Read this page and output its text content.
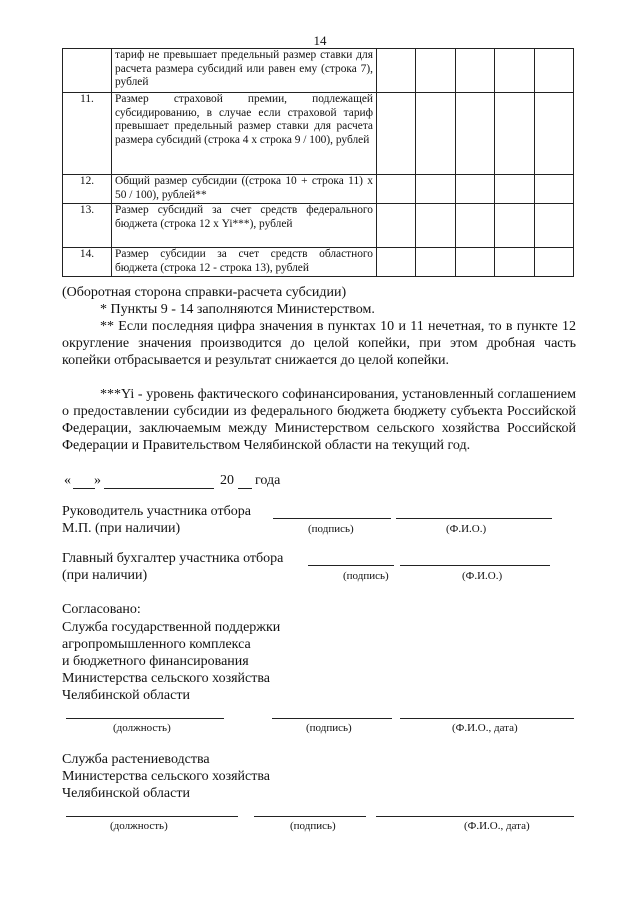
14
	тариф не превышает предельный размер ставки для расчета размера субсидий или равен ему (строка 7), рублей					
11.	Размер страховой премии, подлежащей субсидированию, в случае если страховой тариф превышает предельный размер ставки для расчета размера субсидий (строка 4 х строка 9 / 100), рублей					
12.	Общий размер субсидии ((строка 10 + строка 11) х 50 / 100), рублей**					
13.	Размер субсидий за счет средств федерального бюджета (строка 12 х Yi***), рублей					
14.	Размер субсидии за счет средств областного бюджета (строка 12 - строка 13), рублей					

(Оборотная сторона справки-расчета субсидии)

* Пункты 9 - 14 заполняются Министерством.

** Если последняя цифра значения в пунктах 10 и 11 нечетная, то в пункте 12 округление значения производится до целой копейки, при этом дробная часть копейки отбрасывается и результат снижается до целой копейки.

***Yi - уровень фактического софинансирования, установленный соглашением о предоставлении субсидии из федерального бюджета бюджету субъекта Российской Федерации, заключаемым между Министерством сельского хозяйства Российской Федерации и Правительством Челябинской области на текущий год.

« »	20 года
Руководитель участника отбора
М.П. (при наличии)	(подпись)	(Ф.И.О.)
Главный бухгалтер участника отбора
(при наличии)	(подпись)	(Ф.И.О.)
Согласовано:
Служба государственной поддержки
агропромышленного комплекса
и бюджетного финансирования
Министерства сельского хозяйства
Челябинской области
(должность)	(подпись)	(Ф.И.О., дата)
Служба растениеводства
Министерства сельского хозяйства
Челябинской области
(должность)	(подпись)	(Ф.И.О., дата)
